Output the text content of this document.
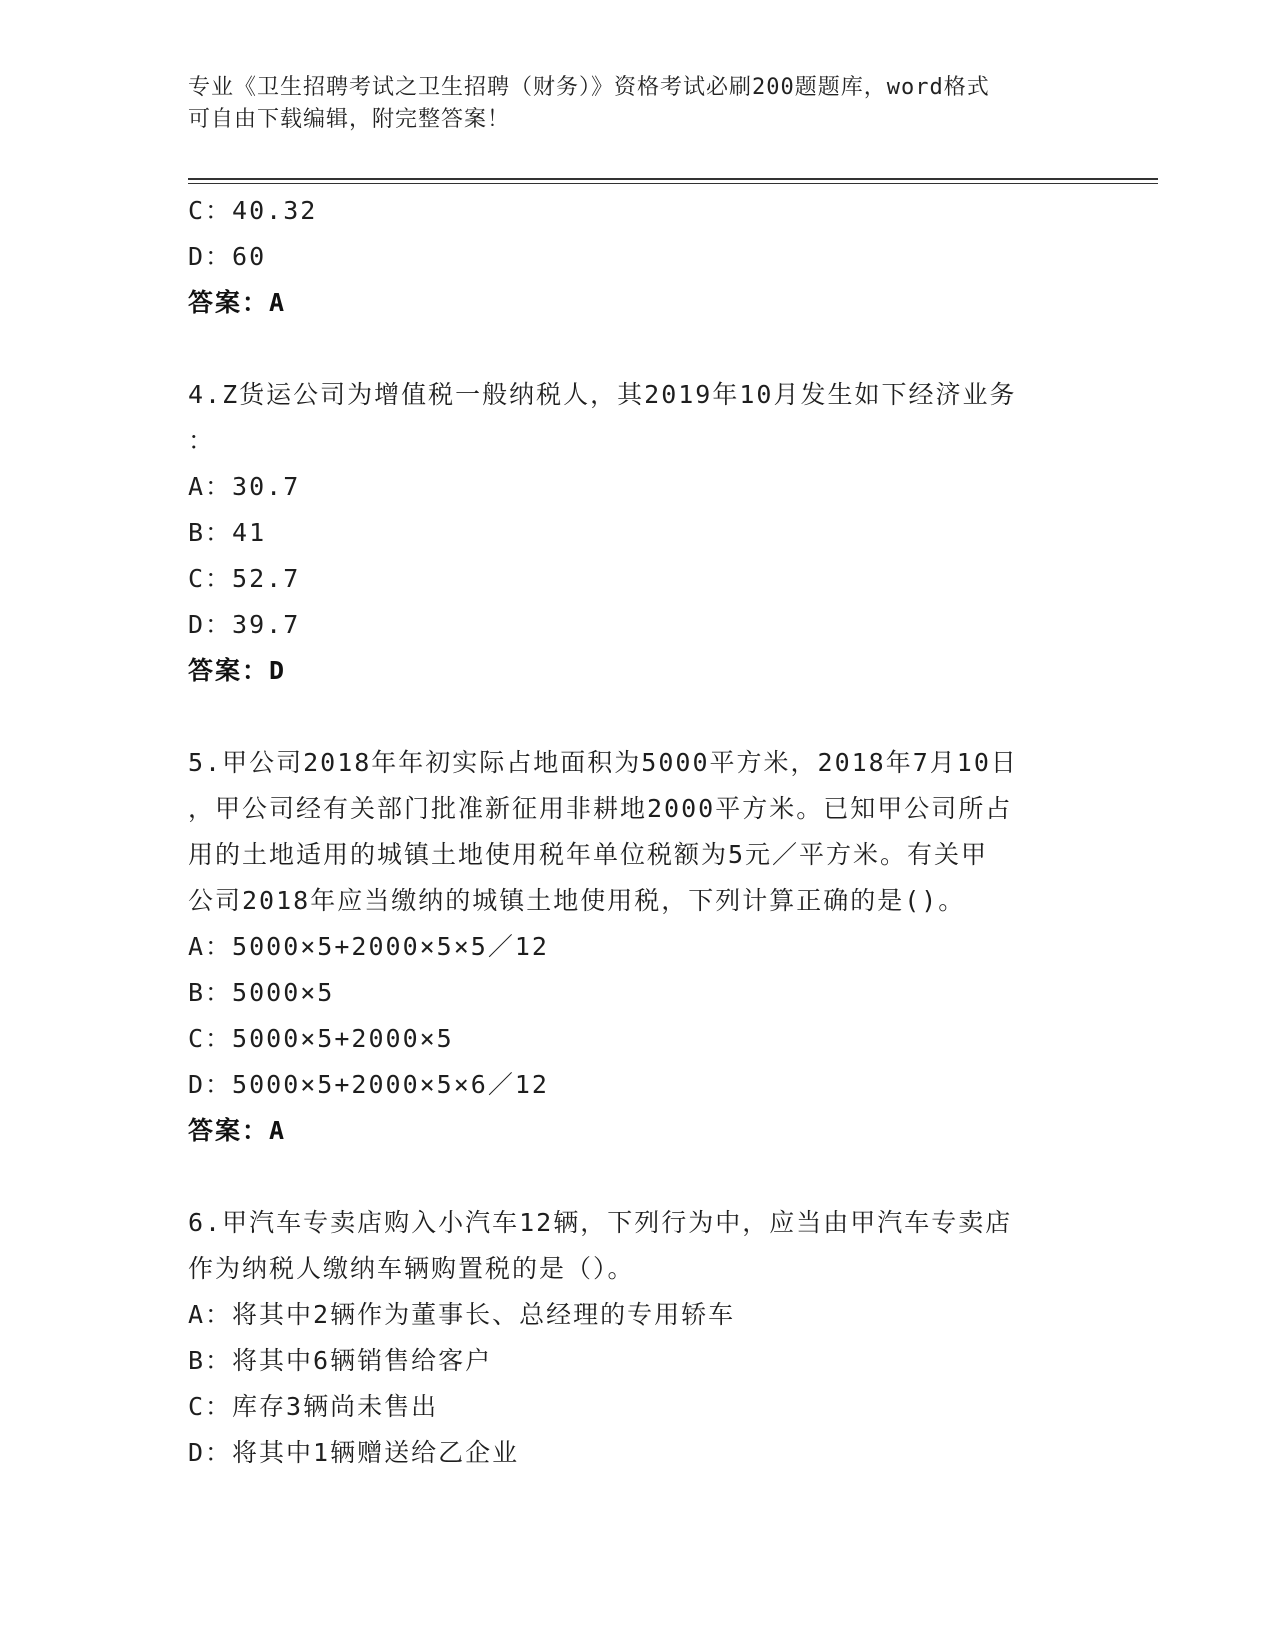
专业《卫生招聘考试之卫生招聘（财务）》资格考试必刷200题题库，word格式
可自由下载编辑，附完整答案！
C：40.32
D：60
答案：A
4.Z货运公司为增值税一般纳税人，其2019年10月发生如下经济业务
：
A：30.7
B：41
C：52.7
D：39.7
答案：D
5.甲公司2018年年初实际占地面积为5000平方米，2018年7月10日
，甲公司经有关部门批准新征用非耕地2000平方米。已知甲公司所占
用的土地适用的城镇土地使用税年单位税额为5元／平方米。有关甲
公司2018年应当缴纳的城镇土地使用税，下列计算正确的是()。
A：5000×5+2000×5×5／12
B：5000×5
C：5000×5+2000×5
D：5000×5+2000×5×6／12
答案：A
6.甲汽车专卖店购入小汽车12辆，下列行为中，应当由甲汽车专卖店
作为纳税人缴纳车辆购置税的是（）。
A：将其中2辆作为董事长、总经理的专用轿车
B：将其中6辆销售给客户
C：库存3辆尚未售出
D：将其中1辆赠送给乙企业
